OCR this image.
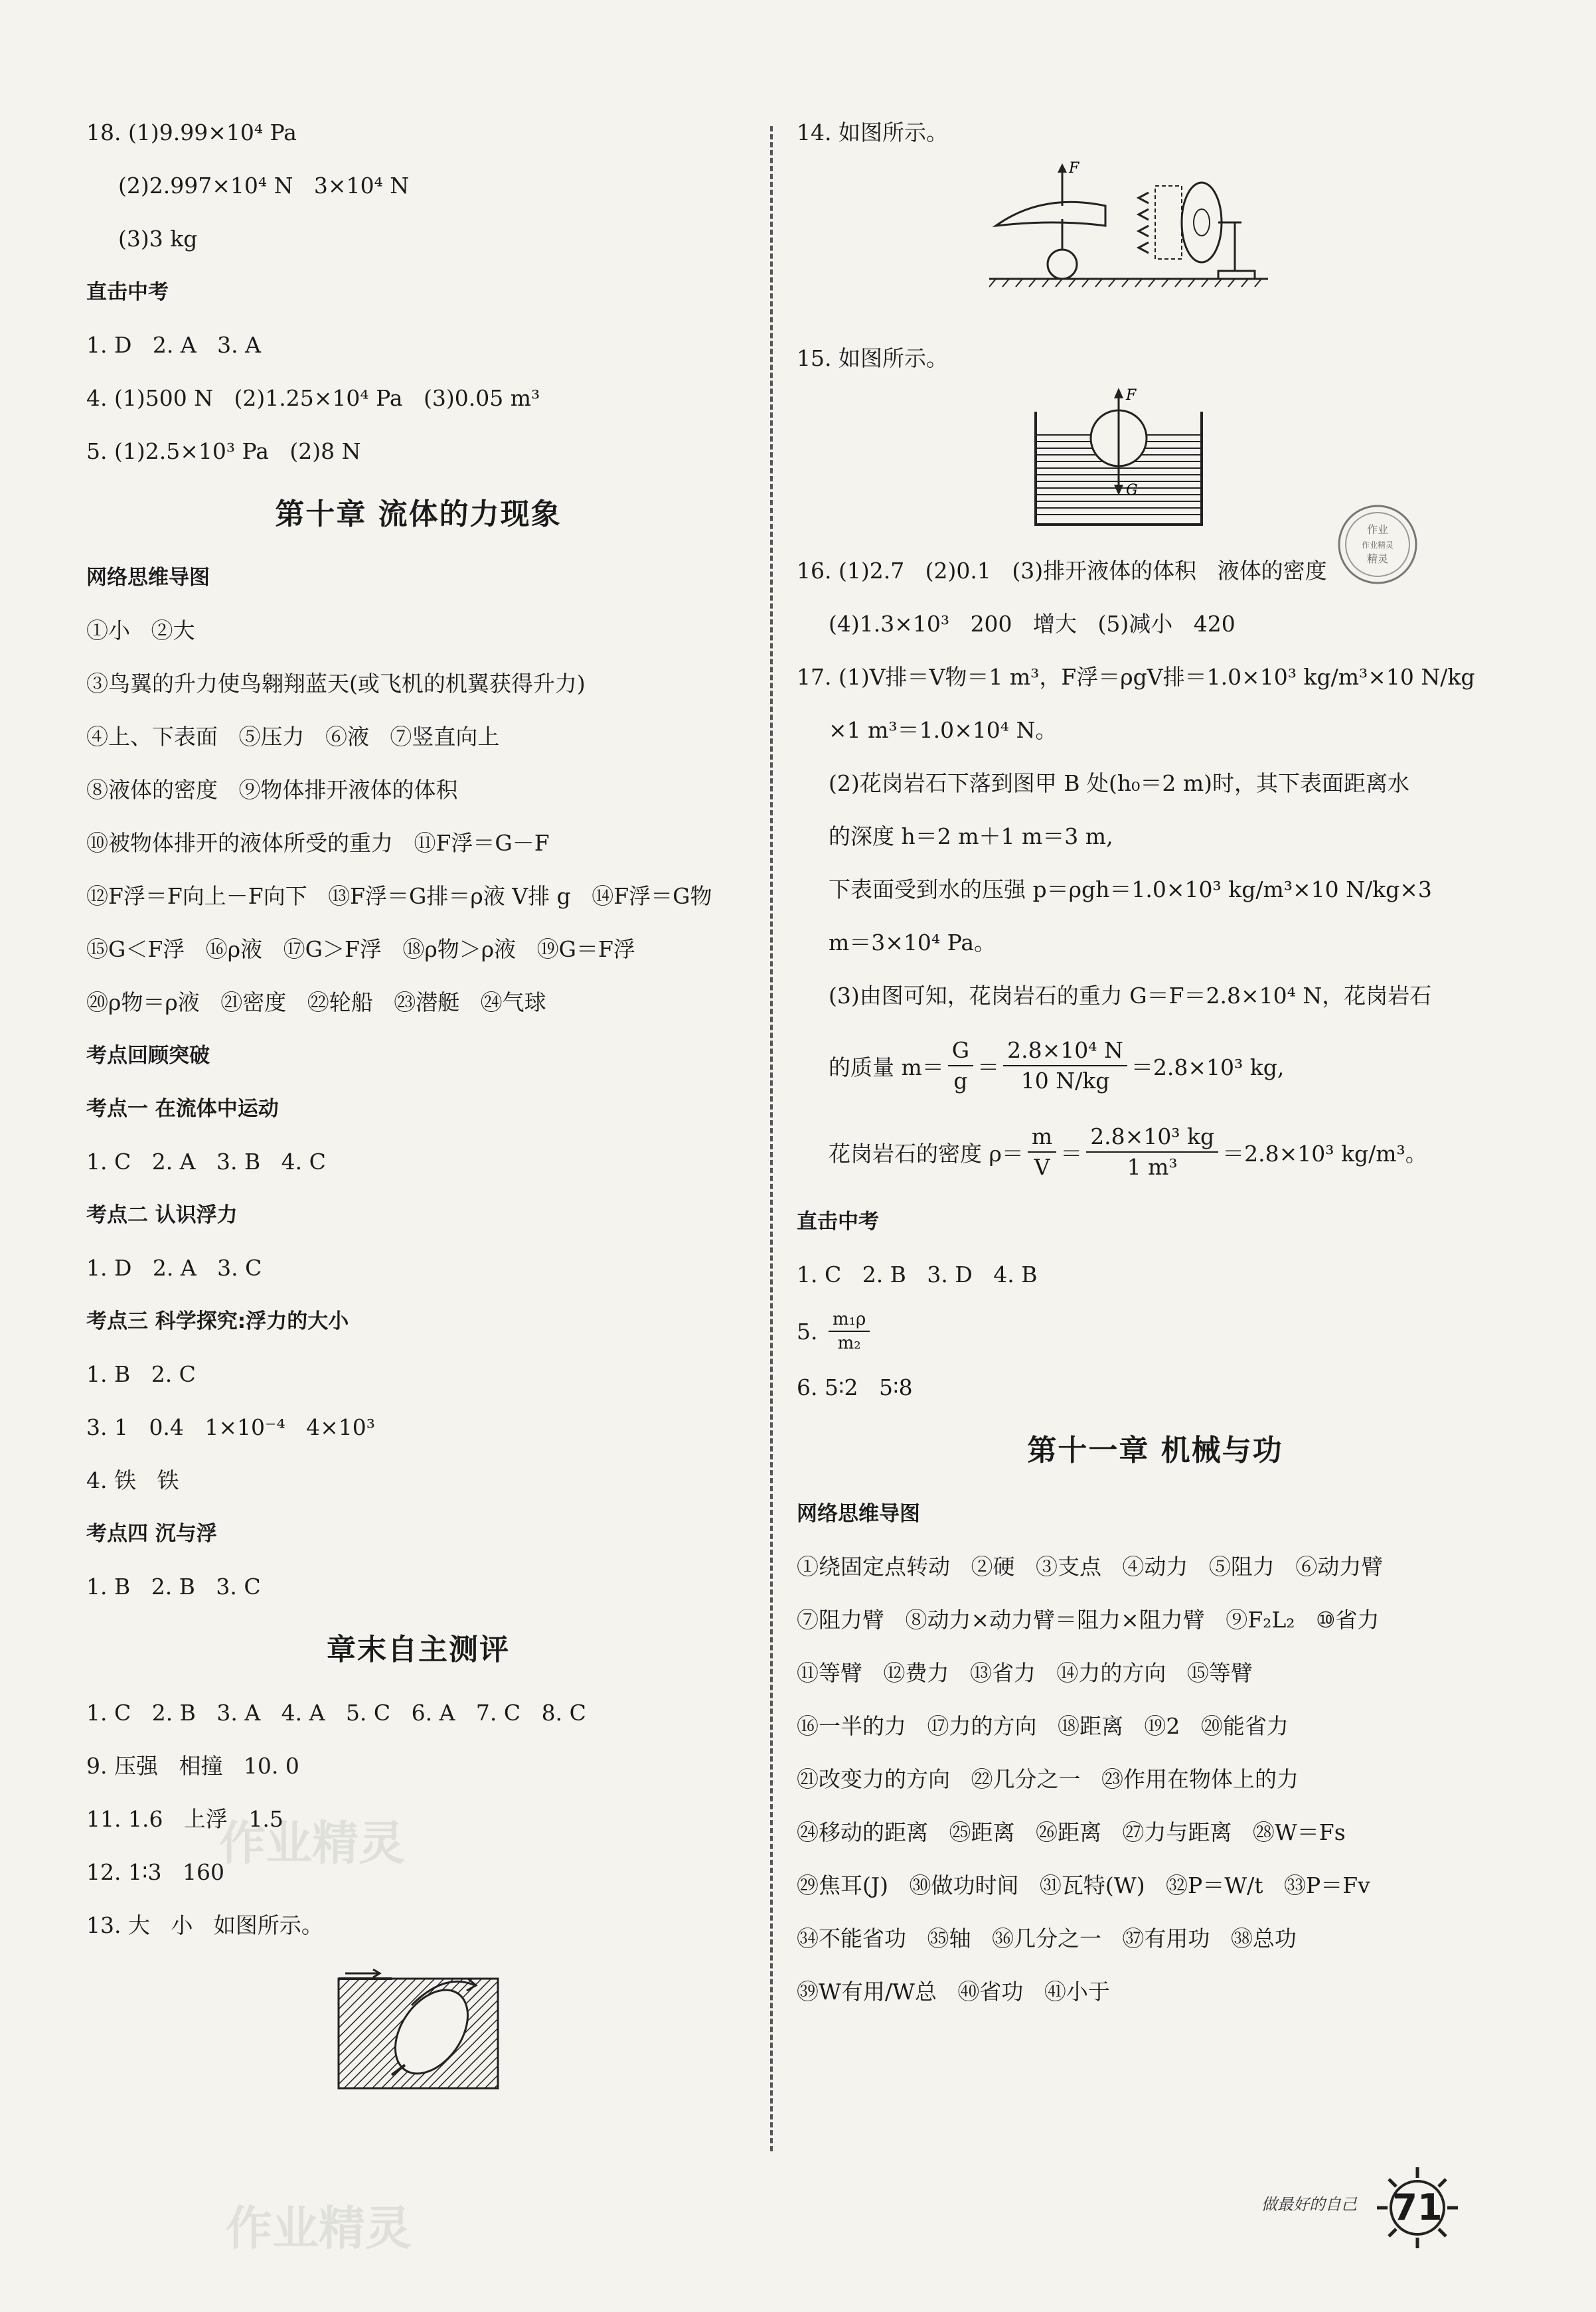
18. (1)9.99×10⁴ Pa
(2)2.997×10⁴ N   3×10⁴ N
(3)3 kg
直击中考
1. D   2. A   3. A
4. (1)500 N   (2)1.25×10⁴ Pa   (3)0.05 m³
5. (1)2.5×10³ Pa   (2)8 N
第十章 流体的力现象
网络思维导图
①小   ②大
③鸟翼的升力使鸟翱翔蓝天(或飞机的机翼获得升力)
④上、下表面   ⑤压力   ⑥液   ⑦竖直向上
⑧液体的密度   ⑨物体排开液体的体积
⑩被物体排开的液体所受的重力   ⑪F浮＝G－F
⑫F浮＝F向上－F向下   ⑬F浮＝G排＝ρ液 V排 g   ⑭F浮＝G物
⑮G＜F浮   ⑯ρ液   ⑰G＞F浮   ⑱ρ物＞ρ液   ⑲G＝F浮
⑳ρ物＝ρ液   ㉑密度   ㉒轮船   ㉓潜艇   ㉔气球
考点回顾突破
考点一 在流体中运动
1. C   2. A   3. B   4. C
考点二 认识浮力
1. D   2. A   3. C
考点三 科学探究:浮力的大小
1. B   2. C
3. 1   0.4   1×10⁻⁴   4×10³
4. 铁   铁
考点四 沉与浮
1. B   2. B   3. C
章末自主测评
1. C   2. B   3. A   4. A   5. C   6. A   7. C   8. C
9. 压强   相撞   10. 0
11. 1.6   上浮   1.5
12. 1∶3   160
13. 大   小   如图所示。
14. 如图所示。
F
15. 如图所示。
F
G
16. (1)2.7   (2)0.1   (3)排开液体的体积   液体的密度
(4)1.3×10³   200   增大   (5)减小   420
17. (1)V排＝V物＝1 m³，F浮＝ρgV排＝1.0×10³ kg/m³×10 N/kg
×1 m³＝1.0×10⁴ N。
(2)花岗岩石下落到图甲 B 处(h₀＝2 m)时，其下表面距离水
的深度 h＝2 m＋1 m＝3 m,
下表面受到水的压强 p＝ρgh＝1.0×10³ kg/m³×10 N/kg×3
m＝3×10⁴ Pa。
(3)由图可知，花岗岩石的重力 G＝F＝2.8×10⁴ N，花岗岩石
的质量 $m= \frac{G}{g} = \frac{\text{2.8×10⁴ N}}{10 N/kg} =2.8\times 10^3$ kg,
花岗岩石的密度 $\rho= \frac{m}{V} = \frac{\text{2.8×10³ kg}}{\text{1 m³}} =2.8\times 10^3$ kg/m³。
直击中考
1. C   2. B   3. D   4. B
5. $\frac{\text{m₁ρ}}{\text{m₂}}$
6. 5∶2   5∶8
第十一章 机械与功
网络思维导图
①绕固定点转动   ②硬   ③支点   ④动力   ⑤阻力   ⑥动力臂
⑦阻力臂   ⑧动力×动力臂＝阻力×阻力臂   ⑨F₂L₂   ⑩省力
⑪等臂   ⑫费力   ⑬省力   ⑭力的方向   ⑮等臂
⑯一半的力   ⑰力的方向   ⑱距离   ⑲2   ⑳能省力
㉑改变力的方向   ㉒几分之一   ㉓作用在物体上的力
㉔移动的距离   ㉕距离   ㉖距离   ㉗力与距离   ㉘W＝Fs
㉙焦耳(J)   ㉚做功时间   ㉛瓦特(W)   ㉜P＝W/t   ㉝P＝Fv
㉞不能省功   ㉟轴   ㊱几分之一   ㊲有用功   ㊳总功
㊴W有用/W总   ㊵省功   ㊶小于
作业
作业精灵
精灵
作业精灵
作业精灵	做最好的自己 71
